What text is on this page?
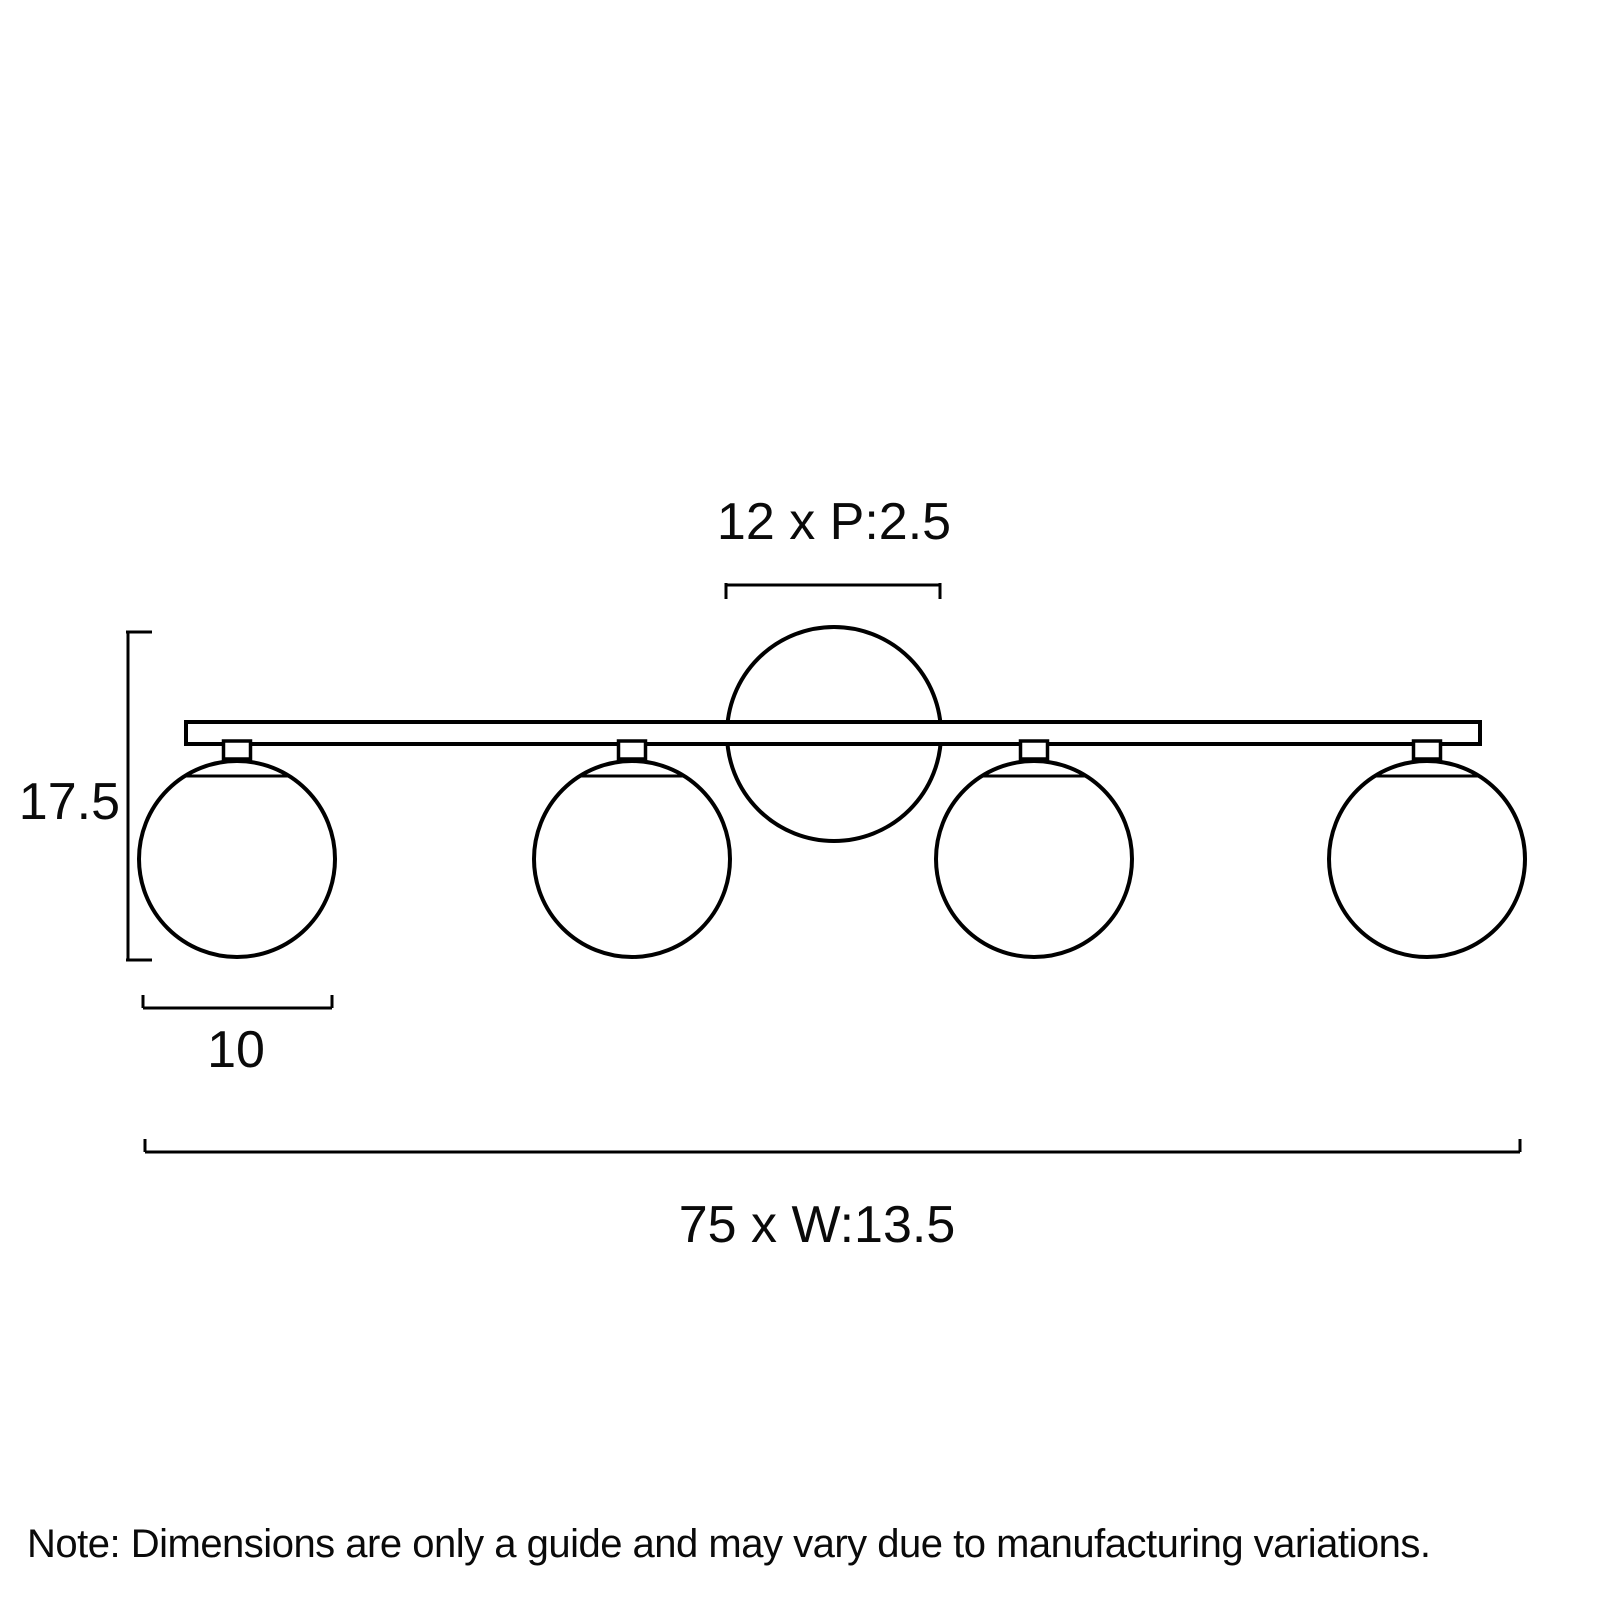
12 x P:2.5
17.5
10
75 x W:13.5
Note: Dimensions are only a guide and may vary due to manufacturing variations.
